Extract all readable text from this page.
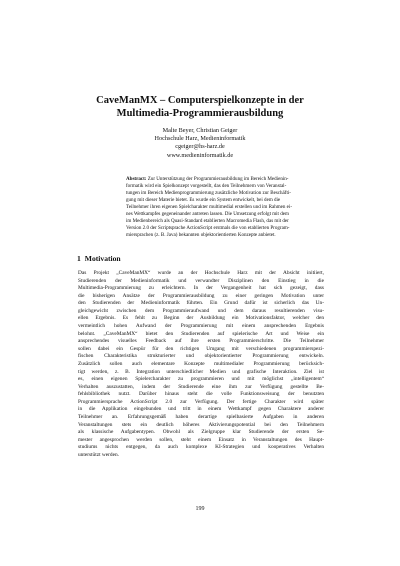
CaveManMX – Computerspielkonzepte in der
Multimedia-Programmierausbildung
Malte Beyer, Christian Geiger
Hochschule Harz, Medieninformatik
cgeiger@hs-harz.de
www.medieninformatik.de
Abstract: Zur Unterstützung der Programmierausbildung im Bereich Medienin-
formatik wird ein Spielkonzept vorgestellt, das den Teilnehmern von Veranstal-
tungen im Bereich Medienprogrammierung zusätzliche Motivation zur Beschäfti-
gung mit dieser Materie bietet. Es wurde ein System entwickelt, bei dem die
Teilnehmer ihren eigenen Spielcharakter multimedial erstellen und im Rahmen ei-
nes Wettkampfes gegeneinander antreten lassen. Die Umsetzung erfolgt mit dem
im Medienbereich als Quasi-Standard etablierten Macromedia Flash, das mit der
Version 2.0 der Scriptsprache ActionScript erstmals die von etablierten Program-
miersprachen (z. B. Java) bekannten objektorientierten Konzepte anbietet.
1 Motivation
Das Projekt „CaveManMX“ wurde an der Hochschule Harz mit der Absicht initiiert,
Studierenden der Medieninformatik und verwandter Disziplinen den Einstieg in die
Multimedia-Programmierung zu erleichtern. In der Vergangenheit hat sich gezeigt, dass
die bisherigen Ansätze der Programmierausbildung zu einer geringen Motivation unter
den Studierenden der Medieninformatik führten. Ein Grund dafür ist sicherlich das Un-
gleichgewicht zwischen dem Programmieraufwand und dem daraus resultierenden visu-
ellen Ergebnis. Es fehlt zu Beginn der Ausbildung ein Motivationsfaktor, welcher den
vermeintlich hohen Aufwand der Programmierung mit einem ansprechenden Ergebnis
belohnt. „CaveManMX“ bietet den Studierenden auf spielerische Art und Weise ein
ansprechendes visuelles Feedback auf ihre ersten Programmierschritte. Die Teilnehmer
sollen dabei ein Gespür für den richtigen Umgang mit verschiedenen programmierspezi-
fischen Charakteristika strukturierter und objektorientierter Programmierung entwickeln.
Zusätzlich sollen auch elementare Konzepte multimedialer Programmierung berücksich-
tigt werden, z. B. Integration unterschiedlicher Medien und grafische Interaktion. Ziel ist
es, einen eigenen Spielercharakter zu programmieren und mit möglichst „intelligentem“
Verhalten auszustatten, indem der Studierende eine ihm zur Verfügung gestellte Be-
fehlsbibliothek nutzt. Darüber hinaus steht die volle Funktionsweisung der benutzten
Programmiersprache ActionScript 2.0 zur Verfügung. Der fertige Charakter wird später
in die Applikation eingebunden und tritt in einem Wettkampf gegen Charaktere anderer
Teilnehmer an. Erfahrungsgemäß haben derartige spielbasierte Aufgaben in anderen
Veranstaltungen stets ein deutlich höheres Aktivierungspotential bei den Teilnehmern
als klassische Aufgabentypen. Obwohl als Zielgruppe klar Studierende der ersten Se-
mester angesprochen werden sollen, steht einem Einsatz in Veranstaltungen des Haupt-
studiums nichts entgegen, da auch komplexe KI-Strategien und kooperatives Verhalten
unterstützt werden.
199
